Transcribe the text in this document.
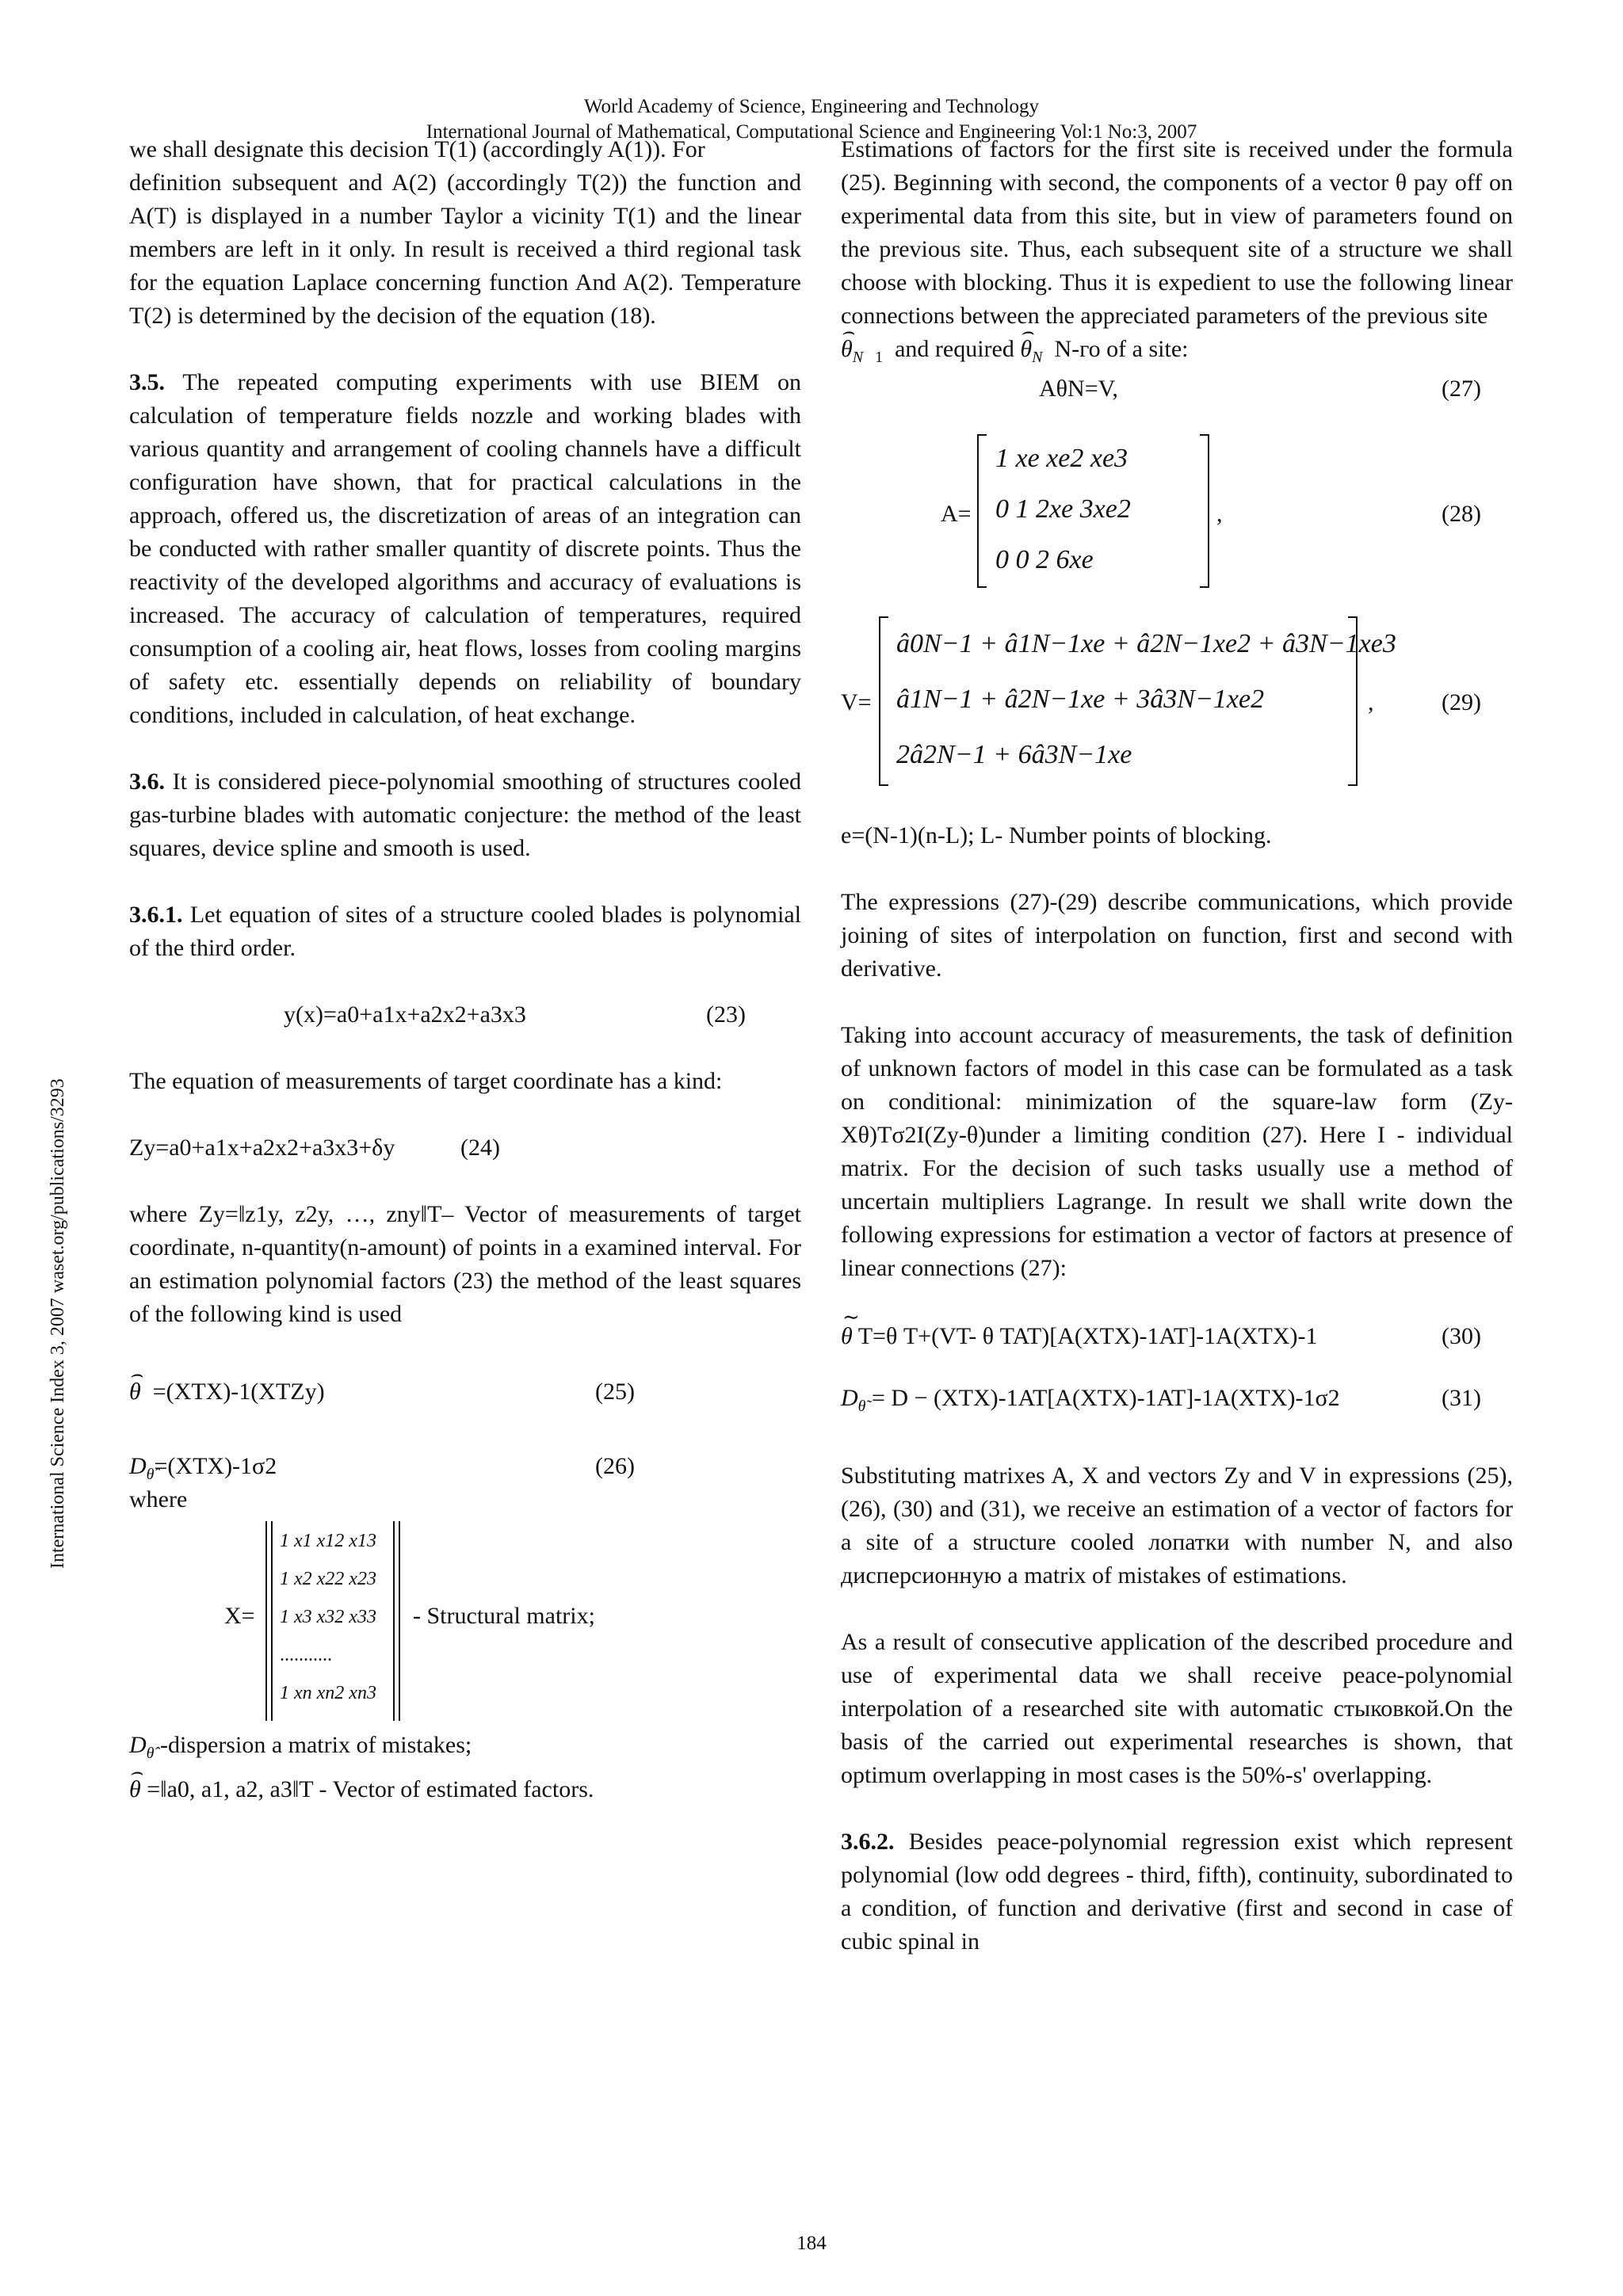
World Academy of Science, Engineering and Technology
International Journal of Mathematical, Computational Science and Engineering Vol:1 No:3, 2007
International Science Index 3, 2007 waset.org/publications/3293

we shall designate this decision T(1) (accordingly A(1)). For

definition subsequent and A(2) (accordingly T(2)) the function and A(T) is displayed in a number Taylor a vicinity T(1) and the linear members are left in it only. In result is received a third regional task for the equation Laplace concerning function And A(2). Temperature T(2) is determined by the decision of the equation (18).

3.5. The repeated computing experiments with use BIEM on calculation of temperature fields nozzle and working blades with various quantity and arrangement of cooling channels have a difficult configuration have shown, that for practical calculations in the approach, offered us, the discretization of areas of an integration can be conducted with rather smaller quantity of discrete points. Thus the reactivity of the developed algorithms and accuracy of evaluations is increased. The accuracy of calculation of temperatures, required consumption of a cooling air, heat flows, losses from cooling margins of safety etc. essentially depends on reliability of boundary conditions, included in calculation, of heat exchange.

3.6. It is considered piece-polynomial smoothing of structures cooled gas-turbine blades with automatic conjecture: the method of the least squares, device spline and smooth is used.

3.6.1. Let equation of sites of a structure cooled blades is polynomial of the third order.

y(x)=a0+a1x+a2x2+a3x3	(23)

The equation of measurements of target coordinate has a kind:

Zy=a0+a1x+a2x2+a3x3+δy	(24)

where Zy=‖z1y, z2y, …, zny‖T– Vector of measurements of target coordinate, n-quantity(n-amount) of points in a examined interval. For an estimation polynomial factors (23) the method of the least squares of the following kind is used

⌢ θ =(XTX)-1(XTZy)	(25)
$D_{\thetâ}=(XTX)-1\sigma 2$	(26)
where
X=
1 x1 x12 x13
1 x2 x22 x23
1 x3 x32 x33
...........
1 xn xn2 xn3
- Structural matrix;
$D_{\thetâ}$ -dispersion a matrix of mistakes;
⌢ θ =‖a0, a1, a2, a3‖T - Vector of estimated factors.

Estimations of factors for the first site is received under the formula (25). Beginning with second, the components of a vector θ pay off on experimental data from this site, but in view of parameters found on the previous site. Thus, each subsequent site of a structure we shall choose with blocking. Thus it is expedient to use the following linear connections between the appreciated parameters of the previous site

⌢ $\theta_N$ $_1$ and required ⌢ $\theta_N$ N-го of a site:
AθN=V,	(27)
A=
1 xe xe2 xe3
0 1 2xe 3xe2
0 0 2 6xe
,	(28)
V=
â0N−1 + â1N−1xe + â2N−1xe2 + â3N−1xe3
â1N−1 + â2N−1xe + 3â3N−1xe2
2â2N−1 + 6â3N−1xe
,	(29)

e=(N-1)(n-L); L- Number points of blocking.

The expressions (27)-(29) describe communications, which provide joining of sites of interpolation on function, first and second with derivative.

Taking into account accuracy of measurements, the task of definition of unknown factors of model in this case can be formulated as a task on conditional: minimization of the square-law form (Zy-Xθ)Tσ2I(Zy-θ)under a limiting condition (27). Here I - individual matrix. For the decision of such tasks usually use a method of uncertain multipliers Lagrange. In result we shall write down the following expressions for estimation a vector of factors at presence of linear connections (27):

∼ θ T=θ T+(VT- θ TAT)[A(XTX)-1AT]-1A(XTX)-1	(30)
$D_{\thetã} = D - (XTX)-1AT[A(XTX)-1AT]-1A(XTX)-1\sigma 2$	(31)

Substituting matrixes A, X and vectors Zy and V in expressions (25), (26), (30) and (31), we receive an estimation of a vector of factors for a site of a structure cooled лопатки with number N, and also дисперсионную a matrix of mistakes of estimations.

As a result of consecutive application of the described procedure and use of experimental data we shall receive peace-polynomial interpolation of a researched site with automatic стыковкой.On the basis of the carried out experimental researches is shown, that optimum overlapping in most cases is the 50%-s' overlapping.

3.6.2. Besides peace-polynomial regression exist which represent polynomial (low odd degrees - third, fifth), continuity, subordinated to a condition, of function and derivative (first and second in case of cubic spinal in

184
